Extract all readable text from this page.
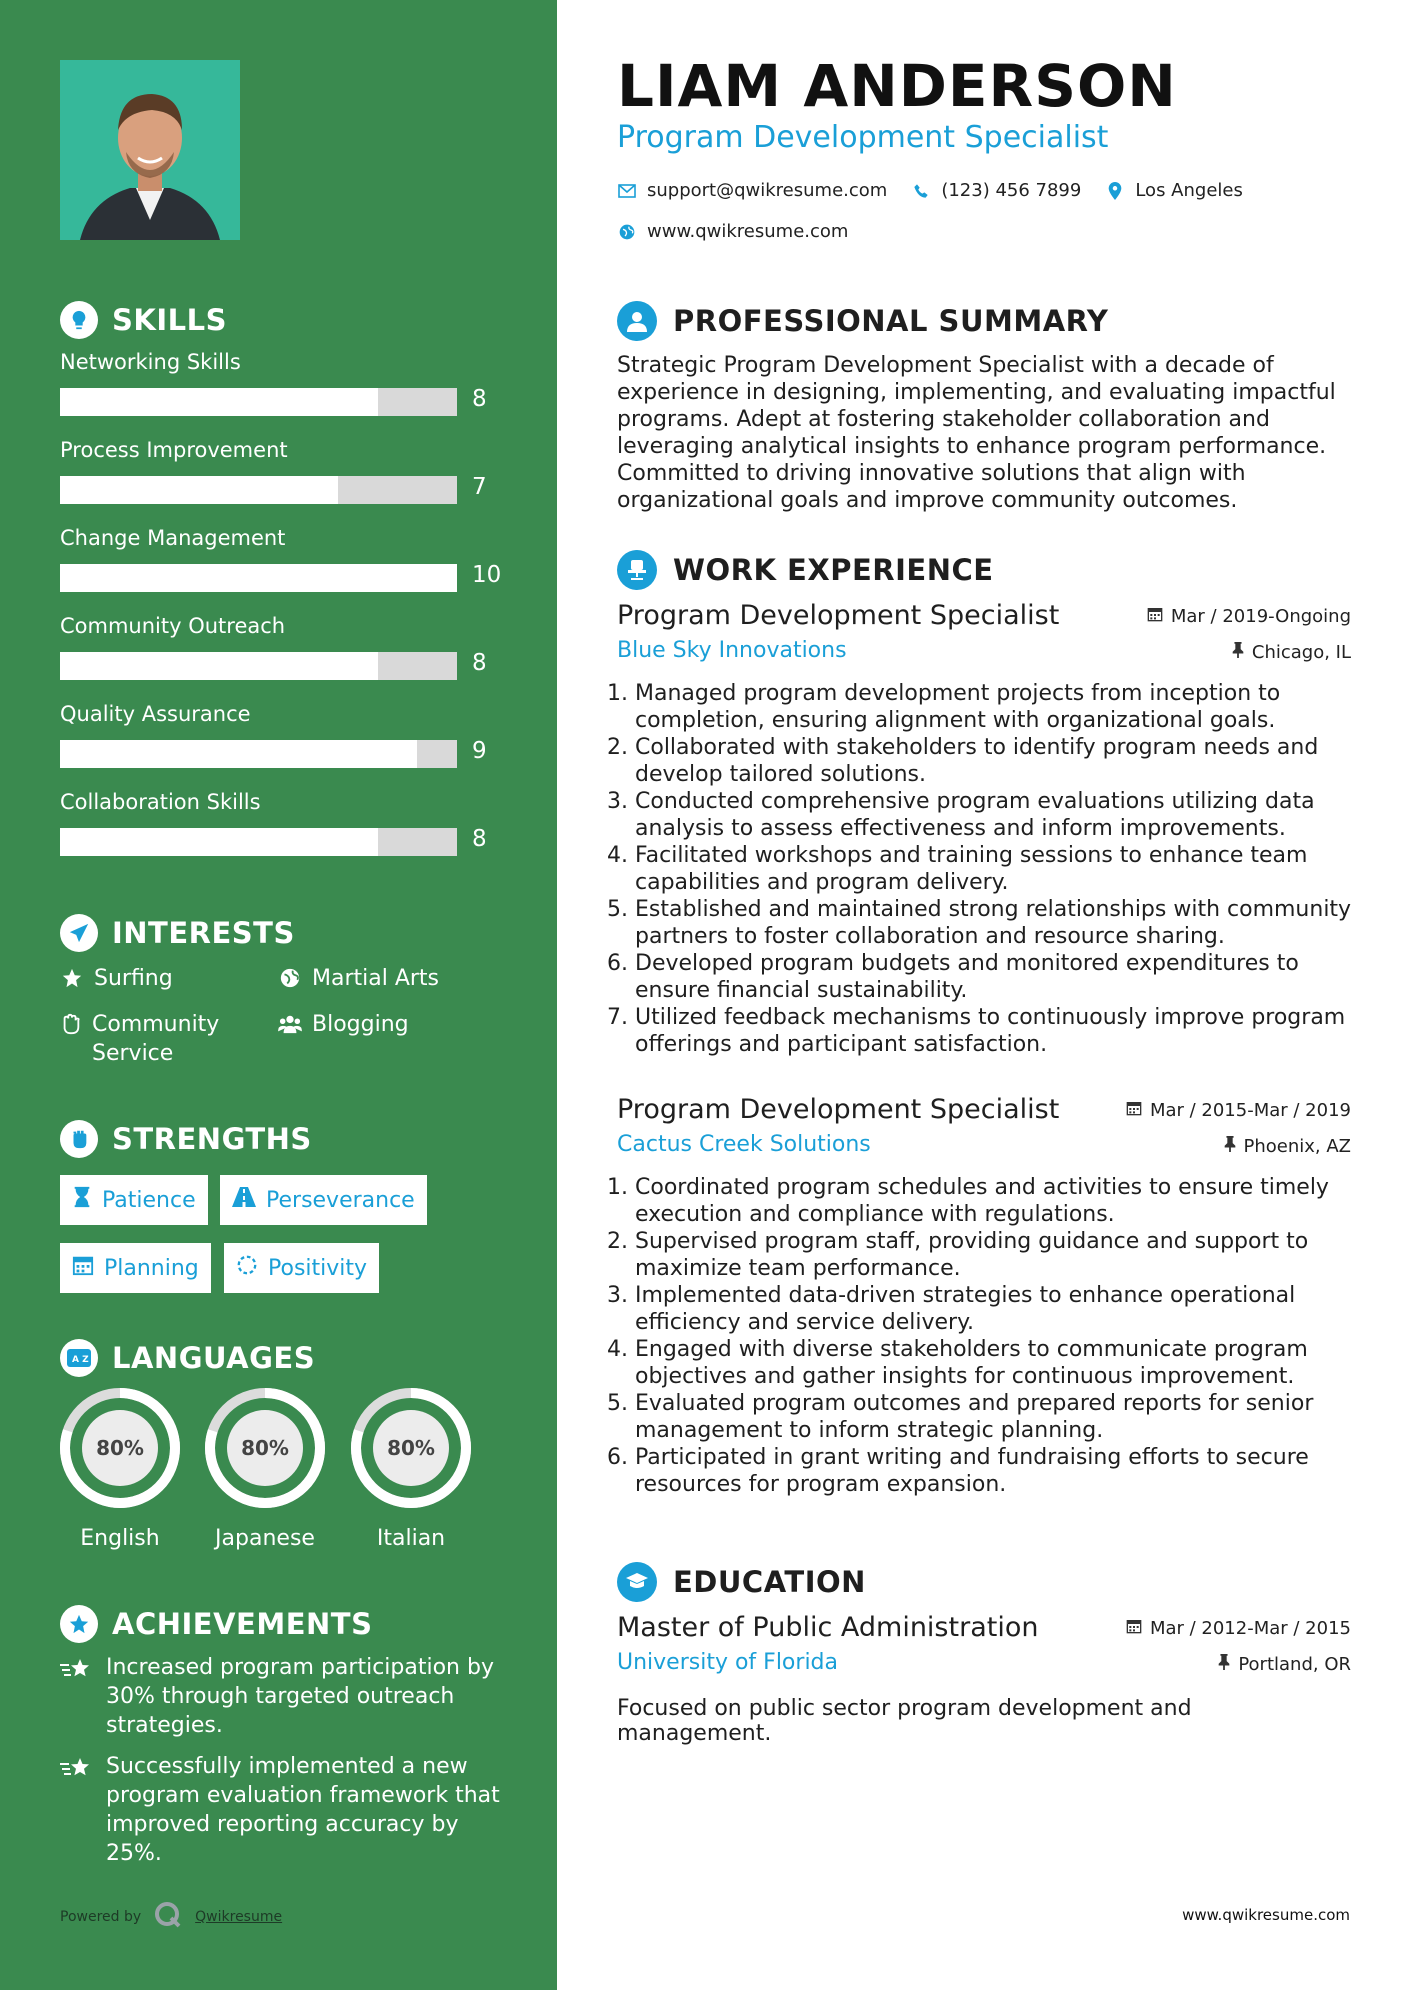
SKILLS
Networking Skills
8
Process Improvement
7
Change Management
10
Community Outreach
8
Quality Assurance
9
Collaboration Skills
8
INTERESTS
Surfing	Martial Arts
Community Service
Blogging
STRENGTHS
Patience	Perseverance
Planning	Positivity
A Z LANGUAGES
80%
English
80%
Japanese
80%
Italian
ACHIEVEMENTS
Increased program participation by 30% through targeted outreach strategies.
Successfully implemented a new program evaluation framework that improved reporting accuracy by 25%.
Powered by	Qwikresume
LIAM ANDERSON
Program Development Specialist
support@qwikresume.com	(123) 456 7899	Los Angeles
www.qwikresume.com
PROFESSIONAL SUMMARY
Strategic Program Development Specialist with a decade of experience in designing, implementing, and evaluating impactful programs. Adept at fostering stakeholder collaboration and leveraging analytical insights to enhance program performance. Committed to driving innovative solutions that align with organizational goals and improve community outcomes.
WORK EXPERIENCE
Program Development Specialist	Mar / 2019-Ongoing
Blue Sky Innovations	Chicago, IL
1. Managed program development projects from inception to completion, ensuring alignment with organizational goals.
2. Collaborated with stakeholders to identify program needs and develop tailored solutions.
3. Conducted comprehensive program evaluations utilizing data analysis to assess effectiveness and inform improvements.
4. Facilitated workshops and training sessions to enhance team capabilities and program delivery.
5. Established and maintained strong relationships with community partners to foster collaboration and resource sharing.
6. Developed program budgets and monitored expenditures to ensure financial sustainability.
7. Utilized feedback mechanisms to continuously improve program offerings and participant satisfaction.
Program Development Specialist	Mar / 2015-Mar / 2019
Cactus Creek Solutions	Phoenix, AZ
1. Coordinated program schedules and activities to ensure timely execution and compliance with regulations.
2. Supervised program staff, providing guidance and support to maximize team performance.
3. Implemented data-driven strategies to enhance operational efficiency and service delivery.
4. Engaged with diverse stakeholders to communicate program objectives and gather insights for continuous improvement.
5. Evaluated program outcomes and prepared reports for senior management to inform strategic planning.
6. Participated in grant writing and fundraising efforts to secure resources for program expansion.
EDUCATION
Master of Public Administration	Mar / 2012-Mar / 2015
University of Florida	Portland, OR
Focused on public sector program development and management.
www.qwikresume.com
